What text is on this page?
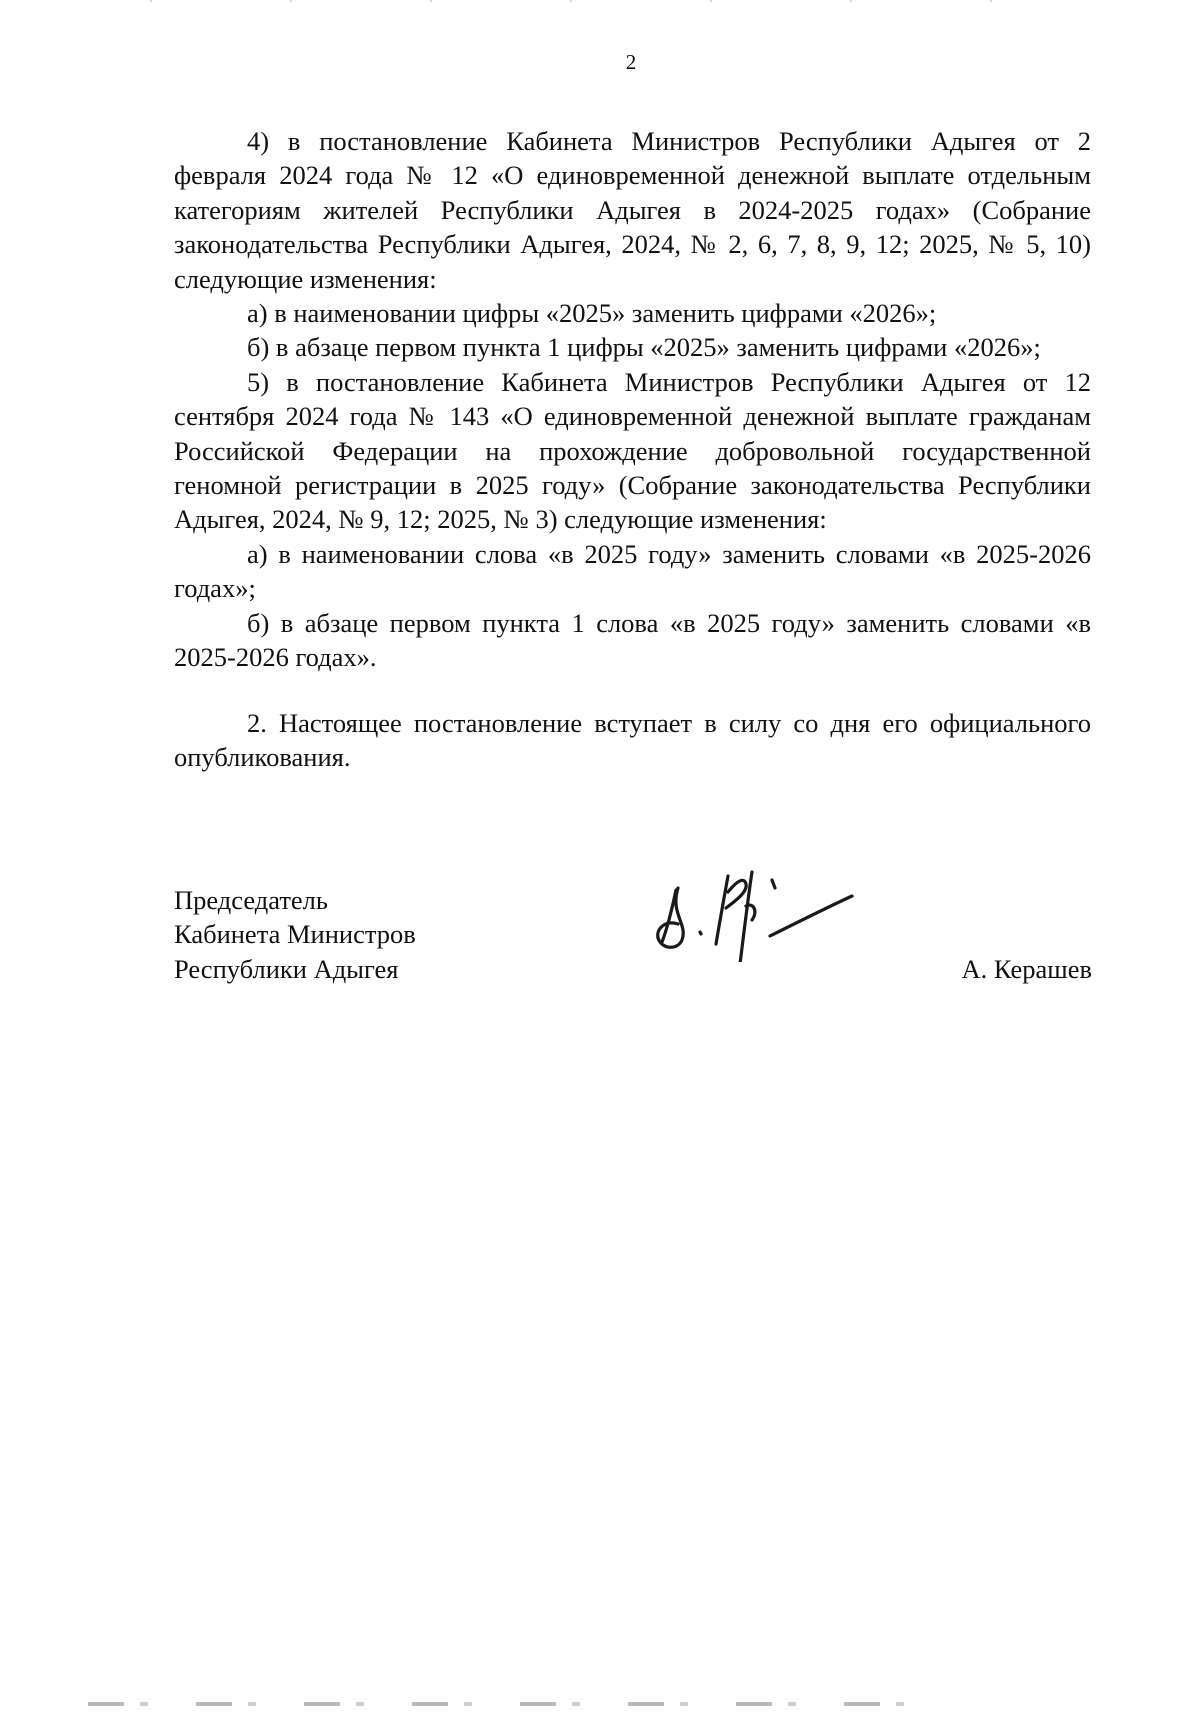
2

4) в постановление Кабинета Министров Республики Адыгея от 2 февраля 2024 года № 12 «О единовременной денежной выплате отдельным категориям жителей Республики Адыгея в 2024-2025 годах» (Собрание законодательства Республики Адыгея, 2024, № 2, 6, 7, 8, 9, 12; 2025, № 5, 10) следующие изменения:

а) в наименовании цифры «2025» заменить цифрами «2026»;

б) в абзаце первом пункта 1 цифры «2025» заменить цифрами «2026»;

5) в постановление Кабинета Министров Республики Адыгея от 12 сентября 2024 года № 143 «О единовременной денежной выплате гражданам Российской Федерации на прохождение добровольной государственной геномной регистрации в 2025 году» (Собрание законодательства Республики Адыгея, 2024, № 9, 12; 2025, № 3) следующие изменения:

а) в наименовании слова «в 2025 году» заменить словами «в 2025-2026 годах»;

б) в абзаце первом пункта 1 слова «в 2025 году» заменить словами «в 2025-2026 годах».

2. Настоящее постановление вступает в силу со дня его официального опубликования.

Председатель
Кабинета Министров
Республики Адыгея	А. Керашев
